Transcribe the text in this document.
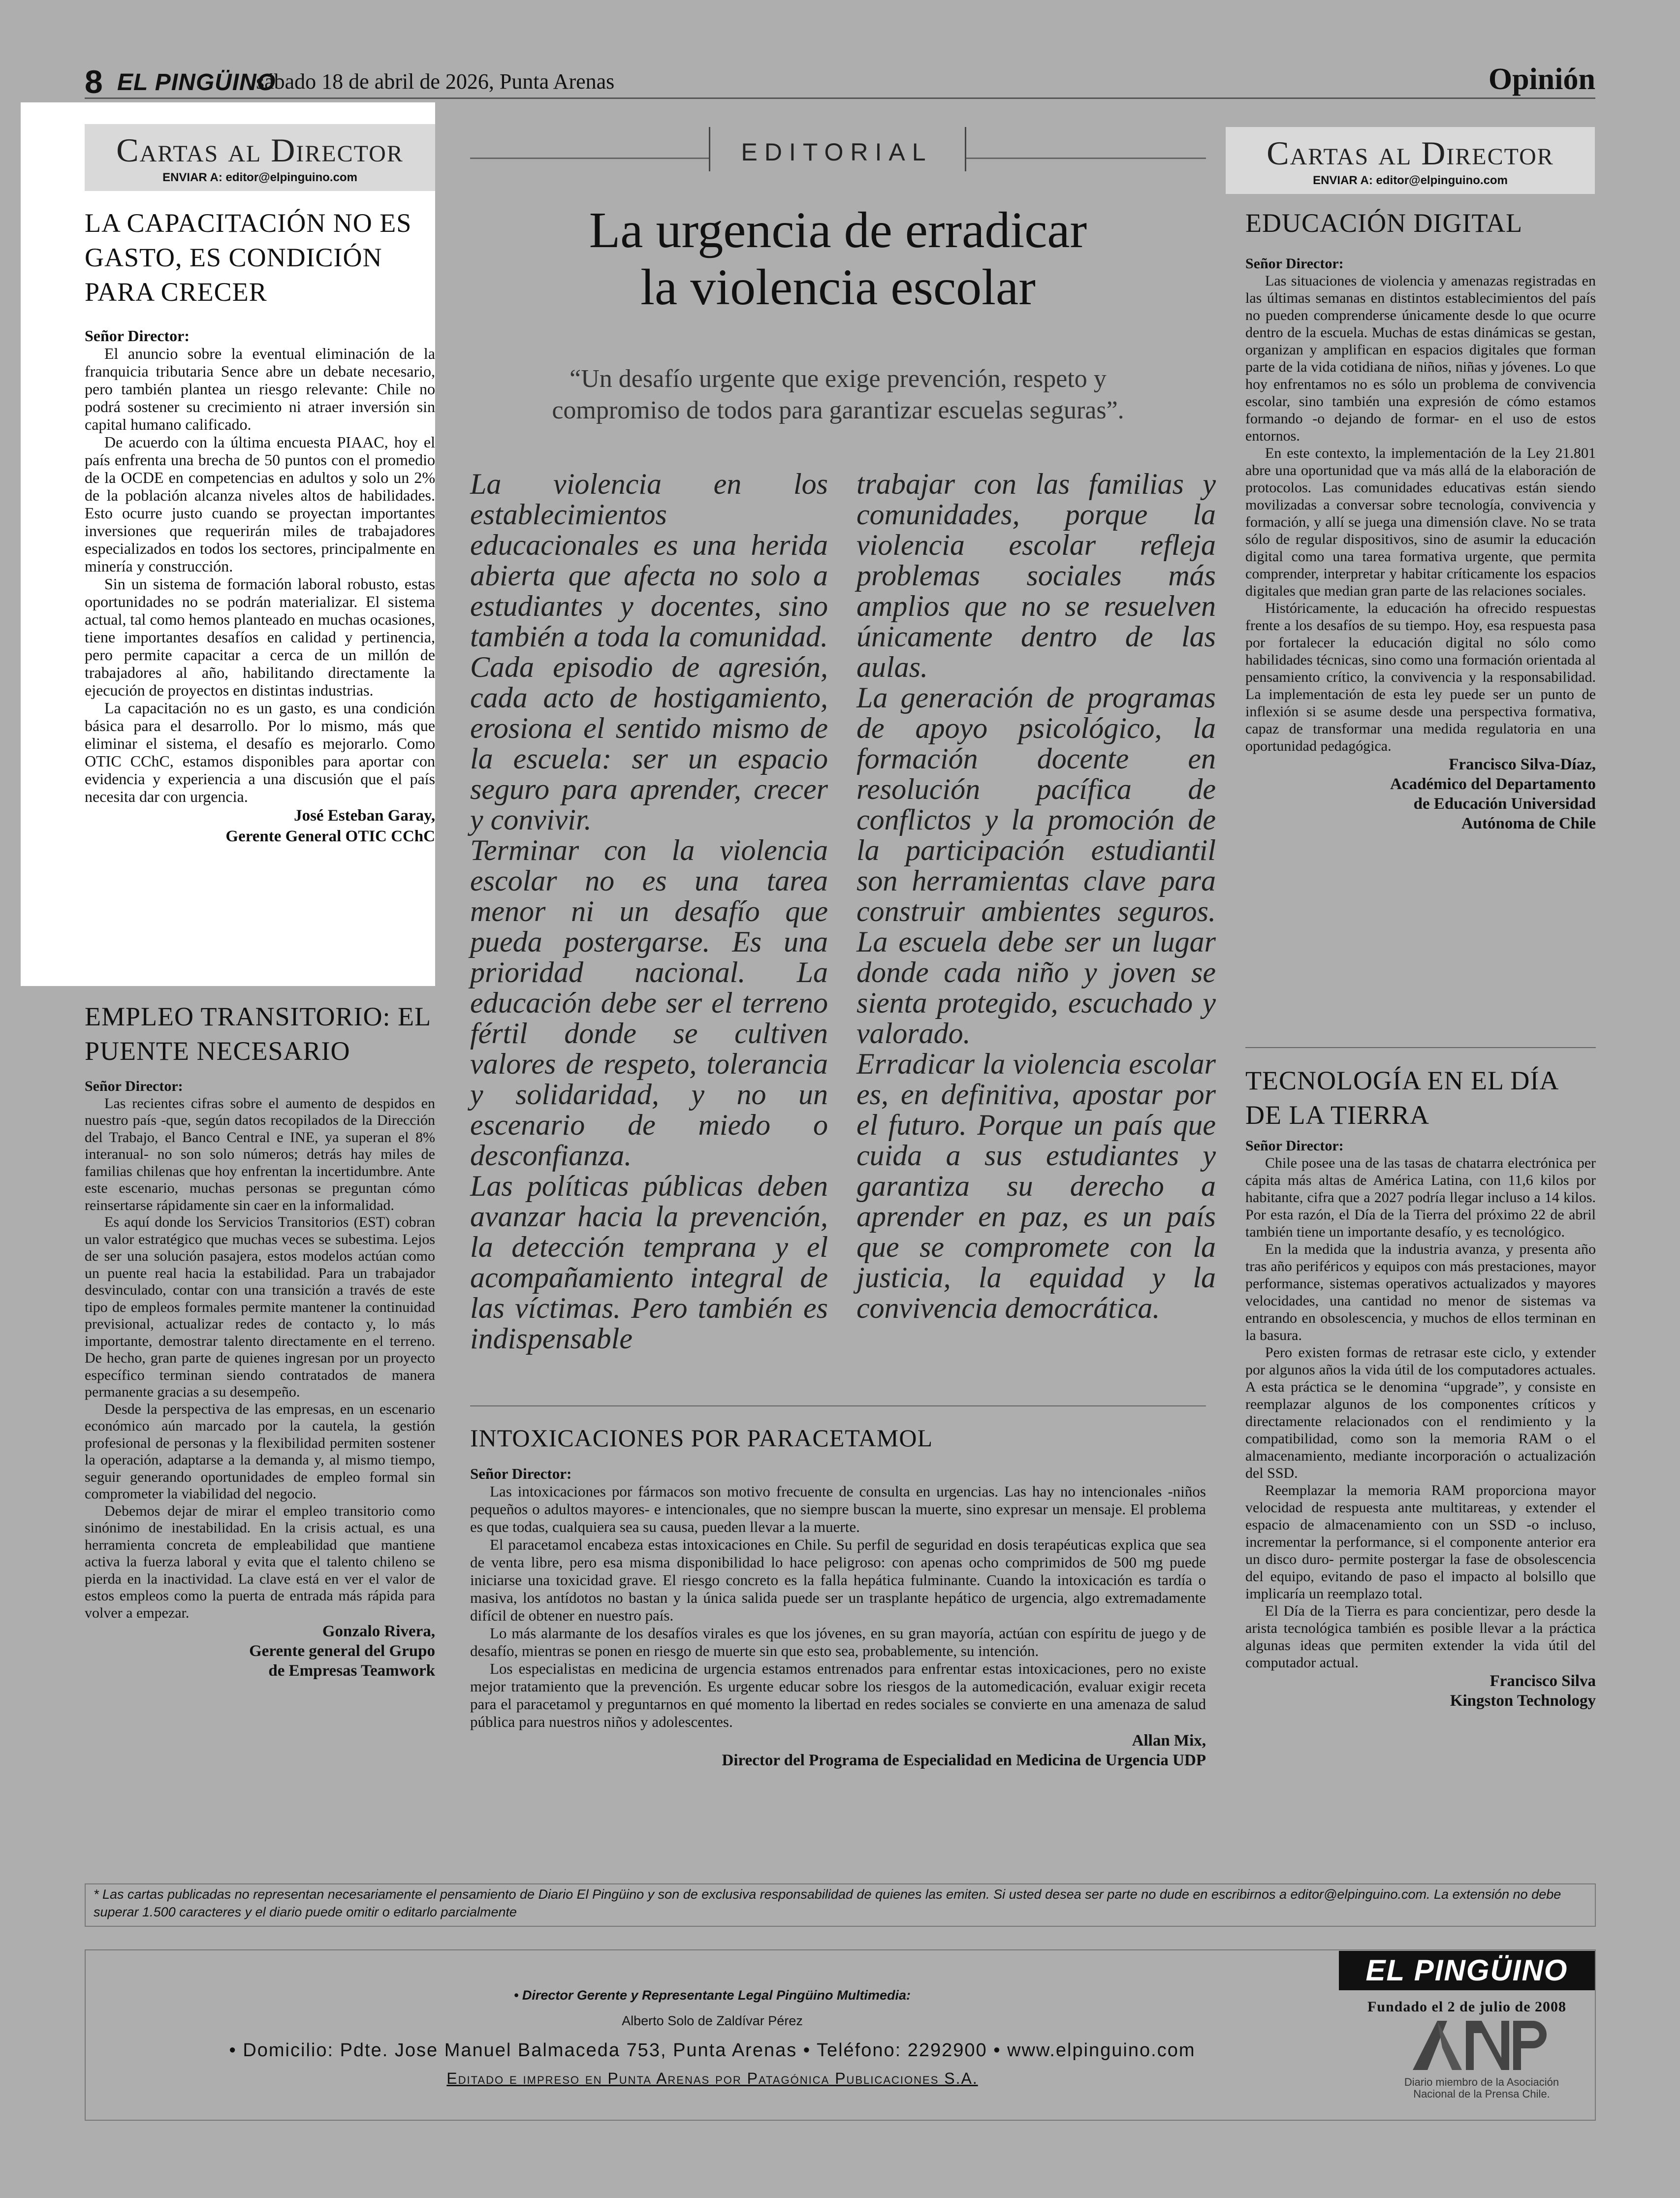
8 EL PINGÜINO
sábado 18 de abril de 2026, Punta Arenas	Opinión
Cartas al Director
ENVIAR A: editor@elpinguino.com
LA CAPACITACIÓN NO ES GASTO, ES CONDICIÓN PARA CRECER

Señor Director:

El anuncio sobre la eventual eliminación de la franquicia tributaria Sence abre un debate necesario, pero también plantea un riesgo relevante: Chile no podrá sostener su crecimiento ni atraer inversión sin capital humano calificado.

De acuerdo con la última encuesta PIAAC, hoy el país enfrenta una brecha de 50 puntos con el promedio de la OCDE en competencias en adultos y solo un 2% de la población alcanza niveles altos de habilidades. Esto ocurre justo cuando se proyectan importantes inversiones que requerirán miles de trabajadores especializados en todos los sectores, principalmente en minería y construcción.

Sin un sistema de formación laboral robusto, estas oportunidades no se podrán materializar. El sistema actual, tal como hemos planteado en muchas ocasiones, tiene importantes desafíos en calidad y pertinencia, pero permite capacitar a cerca de un millón de trabajadores al año, habilitando directamente la ejecución de proyectos en distintas industrias.

La capacitación no es un gasto, es una condición básica para el desarrollo. Por lo mismo, más que eliminar el sistema, el desafío es mejorarlo. Como OTIC CChC, estamos disponibles para aportar con evidencia y experiencia a una discusión que el país necesita dar con urgencia.

José Esteban Garay,
Gerente General OTIC CChC
EMPLEO TRANSITORIO: EL PUENTE NECESARIO

Señor Director:

Las recientes cifras sobre el aumento de despidos en nuestro país -que, según datos recopilados de la Dirección del Trabajo, el Banco Central e INE, ya superan el 8% interanual- no son solo números; detrás hay miles de familias chilenas que hoy enfrentan la incertidumbre. Ante este escenario, muchas personas se preguntan cómo reinsertarse rápidamente sin caer en la informalidad.

Es aquí donde los Servicios Transitorios (EST) cobran un valor estratégico que muchas veces se subestima. Lejos de ser una solución pasajera, estos modelos actúan como un puente real hacia la estabilidad. Para un trabajador desvinculado, contar con una transición a través de este tipo de empleos formales permite mantener la continuidad previsional, actualizar redes de contacto y, lo más importante, demostrar talento directamente en el terreno. De hecho, gran parte de quienes ingresan por un proyecto específico terminan siendo contratados de manera permanente gracias a su desempeño.

Desde la perspectiva de las empresas, en un escenario económico aún marcado por la cautela, la gestión profesional de personas y la flexibilidad permiten sostener la operación, adaptarse a la demanda y, al mismo tiempo, seguir generando oportunidades de empleo formal sin comprometer la viabilidad del negocio.

Debemos dejar de mirar el empleo transitorio como sinónimo de inestabilidad. En la crisis actual, es una herramienta concreta de empleabilidad que mantiene activa la fuerza laboral y evita que el talento chileno se pierda en la inactividad. La clave está en ver el valor de estos empleos como la puerta de entrada más rápida para volver a empezar.

Gonzalo Rivera,
Gerente general del Grupo
de Empresas Teamwork
EDITORIAL
La urgencia de erradicar
la violencia escolar
“Un desafío urgente que exige prevención, respeto y
compromiso de todos para garantizar escuelas seguras”.

La violencia en los establecimientos educacionales es una herida abierta que afecta no solo a estudiantes y docentes, sino también a toda la comunidad. Cada episodio de agresión, cada acto de hostigamiento, erosiona el sentido mismo de la escuela: ser un espacio seguro para aprender, crecer y convivir.

Terminar con la violencia escolar no es una tarea menor ni un desafío que pueda postergarse. Es una prioridad nacional. La educación debe ser el terreno fértil donde se cultiven valores de respeto, tolerancia y solidaridad, y no un escenario de miedo o desconfianza.

Las políticas públicas deben avanzar hacia la prevención, la detección temprana y el acompañamiento integral de las víctimas. Pero también es indispensable

trabajar con las familias y comunidades, porque la violencia escolar refleja problemas sociales más amplios que no se resuelven únicamente dentro de las aulas.

La generación de programas de apoyo psicológico, la formación docente en resolución pacífica de conflictos y la promoción de la participación estudiantil son herramientas clave para construir ambientes seguros. La escuela debe ser un lugar donde cada niño y joven se sienta protegido, escuchado y valorado.

Erradicar la violencia escolar es, en definitiva, apostar por el futuro. Porque un país que cuida a sus estudiantes y garantiza su derecho a aprender en paz, es un país que se compromete con la justicia, la equidad y la convivencia democrática.

INTOXICACIONES POR PARACETAMOL

Señor Director:

Las intoxicaciones por fármacos son motivo frecuente de consulta en urgencias. Las hay no intencionales -niños pequeños o adultos mayores- e intencionales, que no siempre buscan la muerte, sino expresar un mensaje. El problema es que todas, cualquiera sea su causa, pueden llevar a la muerte.

El paracetamol encabeza estas intoxicaciones en Chile. Su perfil de seguridad en dosis terapéuticas explica que sea de venta libre, pero esa misma disponibilidad lo hace peligroso: con apenas ocho comprimidos de 500 mg puede iniciarse una toxicidad grave. El riesgo concreto es la falla hepática fulminante. Cuando la intoxicación es tardía o masiva, los antídotos no bastan y la única salida puede ser un trasplante hepático de urgencia, algo extremadamente difícil de obtener en nuestro país.

Lo más alarmante de los desafíos virales es que los jóvenes, en su gran mayoría, actúan con espíritu de juego y de desafío, mientras se ponen en riesgo de muerte sin que esto sea, probablemente, su intención.

Los especialistas en medicina de urgencia estamos entrenados para enfrentar estas intoxicaciones, pero no existe mejor tratamiento que la prevención. Es urgente educar sobre los riesgos de la automedicación, evaluar exigir receta para el paracetamol y preguntarnos en qué momento la libertad en redes sociales se convierte en una amenaza de salud pública para nuestros niños y adolescentes.

Allan Mix,
Director del Programa de Especialidad en Medicina de Urgencia UDP
Cartas al Director
ENVIAR A: editor@elpinguino.com
EDUCACIÓN DIGITAL

Señor Director:

Las situaciones de violencia y amenazas registradas en las últimas semanas en distintos establecimientos del país no pueden comprenderse únicamente desde lo que ocurre dentro de la escuela. Muchas de estas dinámicas se gestan, organizan y amplifican en espacios digitales que forman parte de la vida cotidiana de niños, niñas y jóvenes. Lo que hoy enfrentamos no es sólo un problema de convivencia escolar, sino también una expresión de cómo estamos formando -o dejando de formar- en el uso de estos entornos.

En este contexto, la implementación de la Ley 21.801 abre una oportunidad que va más allá de la elaboración de protocolos. Las comunidades educativas están siendo movilizadas a conversar sobre tecnología, convivencia y formación, y allí se juega una dimensión clave. No se trata sólo de regular dispositivos, sino de asumir la educación digital como una tarea formativa urgente, que permita comprender, interpretar y habitar críticamente los espacios digitales que median gran parte de las relaciones sociales.

Históricamente, la educación ha ofrecido respuestas frente a los desafíos de su tiempo. Hoy, esa respuesta pasa por fortalecer la educación digital no sólo como habilidades técnicas, sino como una formación orientada al pensamiento crítico, la convivencia y la responsabilidad. La implementación de esta ley puede ser un punto de inflexión si se asume desde una perspectiva formativa, capaz de transformar una medida regulatoria en una oportunidad pedagógica.

Francisco Silva-Díaz,
Académico del Departamento
de Educación Universidad
Autónoma de Chile
TECNOLOGÍA EN EL DÍA DE LA TIERRA

Señor Director:

Chile posee una de las tasas de chatarra electrónica per cápita más altas de América Latina, con 11,6 kilos por habitante, cifra que a 2027 podría llegar incluso a 14 kilos. Por esta razón, el Día de la Tierra del próximo 22 de abril también tiene un importante desafío, y es tecnológico.

En la medida que la industria avanza, y presenta año tras año periféricos y equipos con más prestaciones, mayor performance, sistemas operativos actualizados y mayores velocidades, una cantidad no menor de sistemas va entrando en obsolescencia, y muchos de ellos terminan en la basura.

Pero existen formas de retrasar este ciclo, y extender por algunos años la vida útil de los computadores actuales. A esta práctica se le denomina “upgrade”, y consiste en reemplazar algunos de los componentes críticos y directamente relacionados con el rendimiento y la compatibilidad, como son la memoria RAM o el almacenamiento, mediante incorporación o actualización del SSD.

Reemplazar la memoria RAM proporciona mayor velocidad de respuesta ante multitareas, y extender el espacio de almacenamiento con un SSD -o incluso, incrementar la performance, si el componente anterior era un disco duro- permite postergar la fase de obsolescencia del equipo, evitando de paso el impacto al bolsillo que implicaría un reemplazo total.

El Día de la Tierra es para concientizar, pero desde la arista tecnológica también es posible llevar a la práctica algunas ideas que permiten extender la vida útil del computador actual.

Francisco Silva
Kingston Technology
* Las cartas publicadas no representan necesariamente el pensamiento de Diario El Pingüino y son de exclusiva responsabilidad de quienes las emiten. Si usted desea ser parte no dude en escribirnos a editor@elpinguino.com. La extensión no debe superar 1.500 caracteres y el diario puede omitir o editarlo parcialmente
• Director Gerente y Representante Legal Pingüino Multimedia:
Alberto Solo de Zaldívar Pérez
• Domicilio: Pdte. Jose Manuel Balmaceda 753, Punta Arenas • Teléfono: 2292900 • www.elpinguino.com
Editado e impreso en Punta Arenas por Patagónica Publicaciones S.A.
EL PINGÜINO
Fundado el 2 de julio de 2008
Diario miembro de la Asociación
Nacional de la Prensa Chile.
